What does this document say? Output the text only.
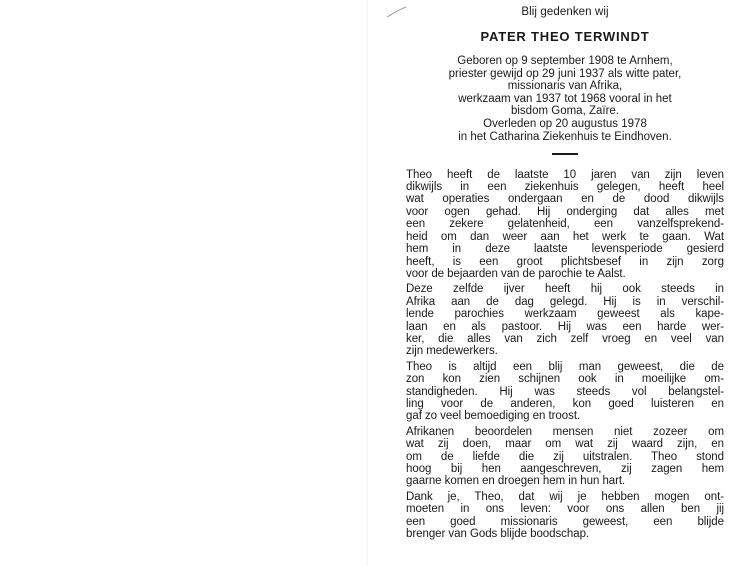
Blij gedenken wij
PATER THEO TERWINDT
Geboren op 9 september 1908 te Arnhem,
priester gewijd op 29 juni 1937 als witte pater,
missionaris van Afrika,
werkzaam van 1937 tot 1968 vooral in het
bisdom Goma, Zaïre.
Overleden op 20 augustus 1978
in het Catharina Ziekenhuis te Eindhoven.

Theo heeft de laatste 10 jaren van zijn leven
dikwijls in een ziekenhuis gelegen, heeft heel
wat operaties ondergaan en de dood dikwijls
voor ogen gehad. Hij onderging dat alles met
een zekere gelatenheid, een vanzelfsprekend-
heid om dan weer aan het werk te gaan. Wat
hem in deze laatste levensperiode gesierd
heeft, is een groot plichtsbesef in zijn zorg
voor de bejaarden van de parochie te Aalst.

Deze zelfde ijver heeft hij ook steeds in
Afrika aan de dag gelegd. Hij is in verschil-
lende parochies werkzaam geweest als kape-
laan en als pastoor. Hij was een harde wer-
ker, die alles van zich zelf vroeg en veel van
zijn medewerkers.

Theo is altijd een blij man geweest, die de
zon kon zien schijnen ook in moeilijke om-
standigheden. Hij was steeds vol belangstel-
ling voor de anderen, kon goed luisteren en
gaf zo veel bemoediging en troost.

Afrikanen beoordelen mensen niet zozeer om
wat zij doen, maar om wat zij waard zijn, en
om de liefde die zij uitstralen. Theo stond
hoog bij hen aangeschreven, zij zagen hem
gaarne komen en droegen hem in hun hart.

Dank je, Theo, dat wij je hebben mogen ont-
moeten in ons leven: voor ons allen ben jij
een goed missionaris geweest, een blijde
brenger van Gods blijde boodschap.
